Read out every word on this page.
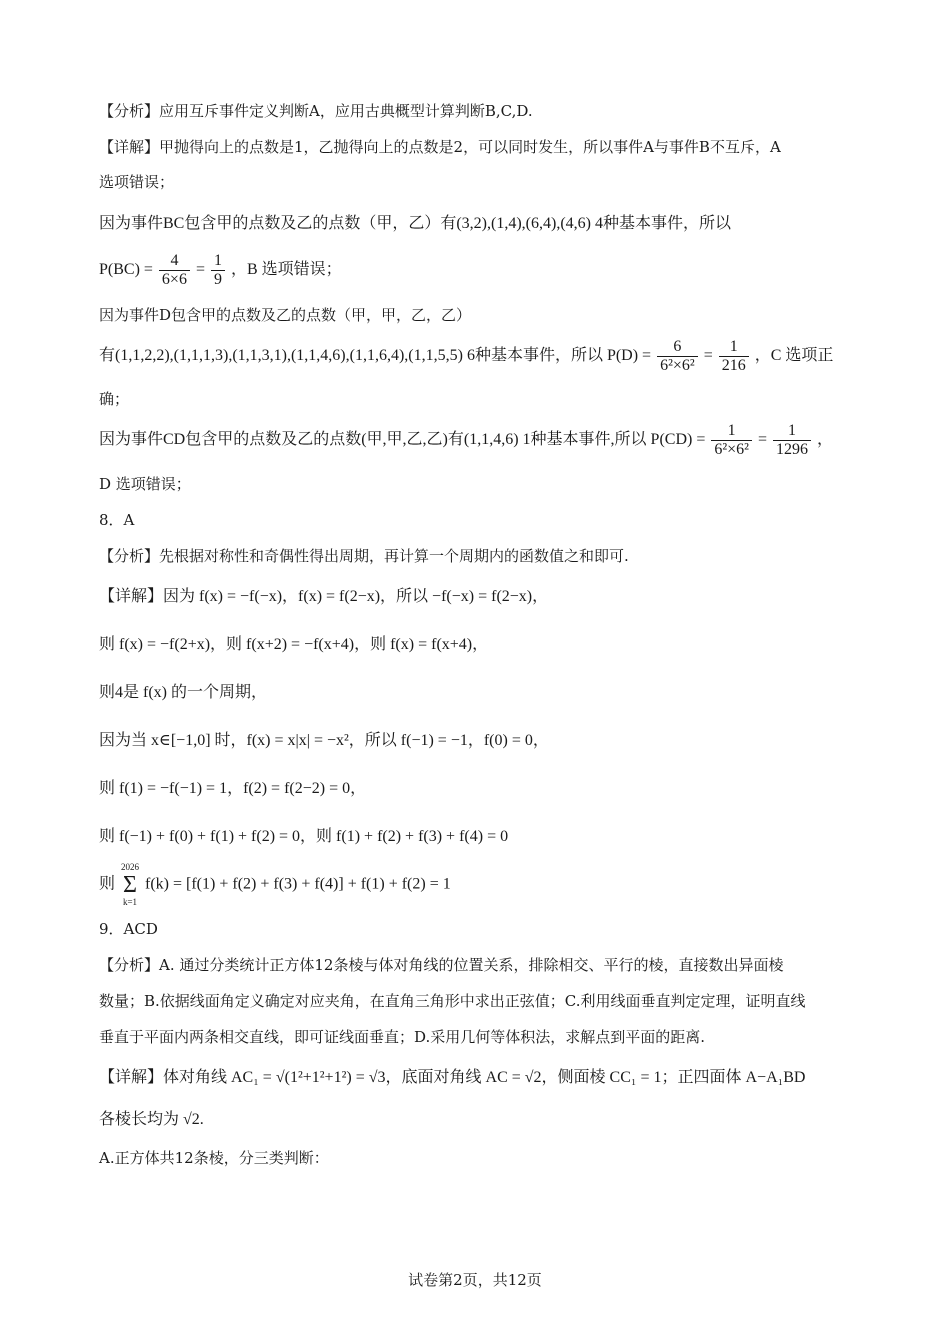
【分析】应用互斥事件定义判断A，应用古典概型计算判断B,C,D.
【详解】甲抛得向上的点数是1，乙抛得向上的点数是2，可以同时发生，所以事件A与事件B不互斥，A
选项错误；
因为事件BC包含甲的点数及乙的点数（甲，乙）有(3,2),(1,4),(6,4),(4,6) 4种基本事件，所以
$P(BC) = \frac{4}{6\times 6} = \frac{1}{9}$ ，B 选项错误；
因为事件D包含甲的点数及乙的点数（甲，甲，乙，乙）
有(1,1,2,2),(1,1,1,3),(1,1,3,1),(1,1,4,6),(1,1,6,4),(1,1,5,5) 6种基本事件，所以 $P(D) = \frac{6}{\text{6²×6²}} = \frac{1}{216}$ ，C 选项正
确；
因为事件CD包含甲的点数及乙的点数(甲,甲,乙,乙)有(1,1,4,6) 1种基本事件,所以 $P(CD) = \frac{1}{\text{6²×6²}} = \frac{1}{1296}$ ，
D 选项错误；
8．A
【分析】先根据对称性和奇偶性得出周期，再计算一个周期内的函数值之和即可.
【详解】因为 f(x) = −f(−x)，f(x) = f(2−x)，所以 −f(−x) = f(2−x)，
则 f(x) = −f(2+x)，则 f(x+2) = −f(x+4)，则 f(x) = f(x+4)，
则4是 f(x) 的一个周期，
因为当 x∈[−1,0] 时，f(x) = x|x| = −x²，所以 f(−1) = −1，f(0) = 0，
则 f(1) = −f(−1) = 1，f(2) = f(2−2) = 0，
则 f(−1) + f(0) + f(1) + f(2) = 0，则 f(1) + f(2) + f(3) + f(4) = 0
则
2026
Σ
k=1
f(k) = [f(1) + f(2) + f(3) + f(4)] + f(1) + f(2) = 1
9．ACD
【分析】A. 通过分类统计正方体12条棱与体对角线的位置关系，排除相交、平行的棱，直接数出异面棱
数量；B.依据线面角定义确定对应夹角，在直角三角形中求出正弦值；C.利用线面垂直判定定理，证明直线
垂直于平面内两条相交直线，即可证线面垂直；D.采用几何等体积法，求解点到平面的距离.
【详解】体对角线 AC₁ = √(1²+1²+1²) = √3，底面对角线 AC = √2，侧面棱 CC₁ = 1；正四面体 A−A₁BD
各棱长均为 √2.
A.正方体共12条棱，分三类判断：
试卷第2页，共12页
